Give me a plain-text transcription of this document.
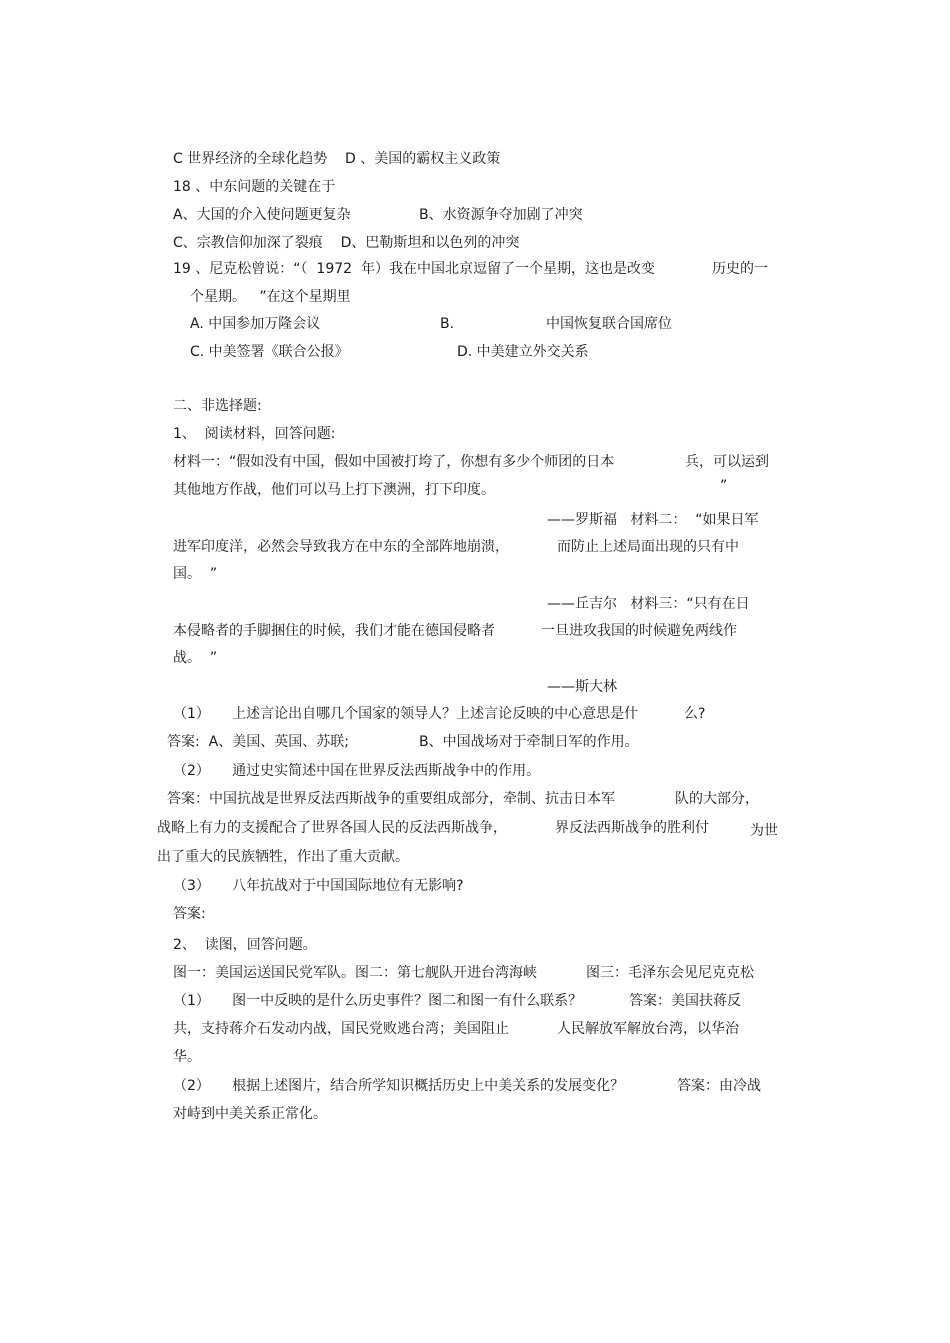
C 世界经济的全球化趋势    D 、美国的霸权主义政策
18 、中东问题的关键在于
A、大国的介入使问题更复杂	B、水资源争夺加剧了冲突
C、宗教信仰加深了裂痕    D、巴勒斯坦和以色列的冲突
19 、尼克松曾说：“（  1972  年）我在中国北京逗留了一个星期，这也是改变	历史的一
个星期。   ”在这个星期里
A. 中国参加万隆会议	B.	中国恢复联合国席位
C. 中美签署《联合公报》	D. 中美建立外交关系
二、非选择题:
1、  阅读材料，回答问题:
材料一：“假如没有中国，假如中国被打垮了，你想有多少个师团的日本	兵，可以运到
其他地方作战，他们可以马上打下澳洲，打下印度。	”
——罗斯福   材料二：  “如果日军
进军印度洋，必然会导致我方在中东的全部阵地崩溃，	而防止上述局面出现的只有中
国。  ”
——丘吉尔   材料三：“只有在日
本侵略者的手脚捆住的时候，我们才能在德国侵略者	一旦进攻我国的时候避免两线作
战。  ”
——斯大林
（1）     上述言论出自哪几个国家的领导人？上述言论反映的中心意思是什	么?
答案:  A、美国、英国、苏联;	B、中国战场对于牵制日军的作用。
（2）     通过史实简述中国在世界反法西斯战争中的作用。
答案：中国抗战是世界反法西斯战争的重要组成部分，牵制、抗击日本军	队的大部分，
战略上有力的支援配合了世界各国人民的反法西斯战争，	界反法西斯战争的胜利付	为世
出了重大的民族牺牲，作出了重大贡献。
（3）     八年抗战对于中国国际地位有无影响?
答案:
2、  读图，回答问题。
图一：美国运送国民党军队。图二：第七舰队开进台湾海峡	图三：毛泽东会见尼克克松
（1）     图一中反映的是什么历史事件？图二和图一有什么联系？	答案：美国扶蒋反
共，支持蒋介石发动内战，国民党败逃台湾；美国阻止	人民解放军解放台湾，以华治
华。
（2）     根据上述图片，结合所学知识概括历史上中美关系的发展变化？	答案：由冷战
对峙到中美关系正常化。
